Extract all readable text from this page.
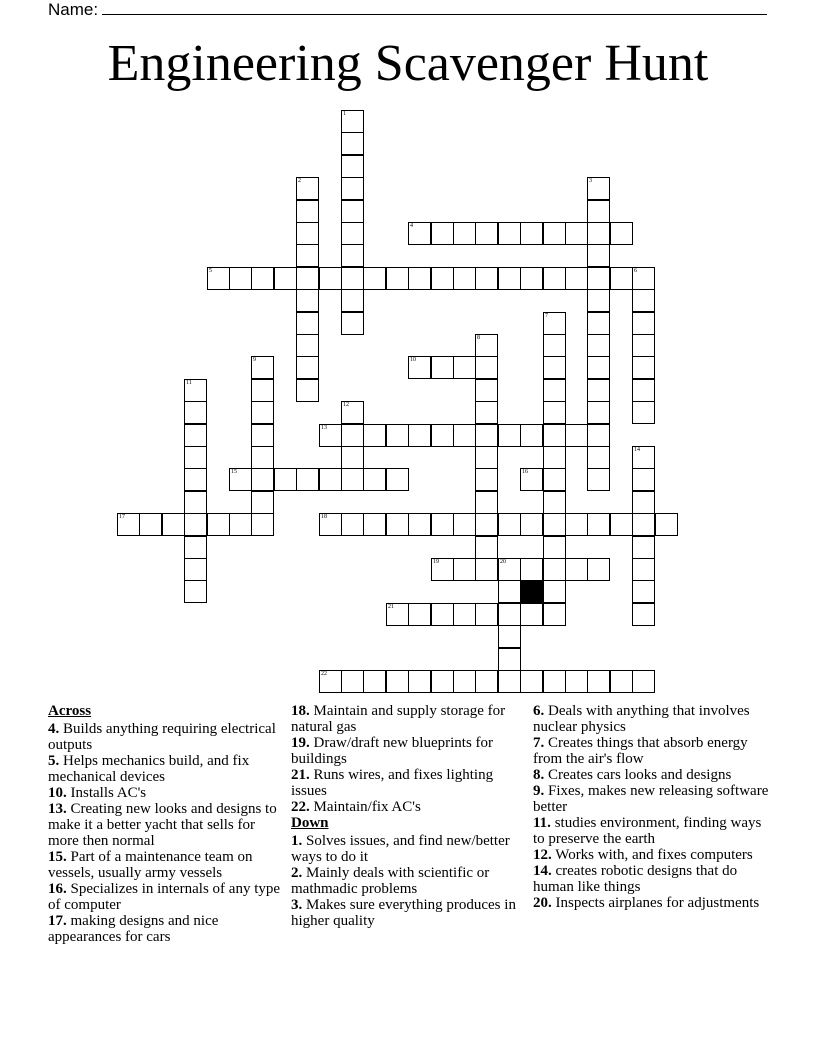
Name:
Engineering Scavenger Hunt
1
2	3
4
5	6
7
8
9	10
11
12
13
14
15	16
17	18
19	20
21
22
Across
4. Builds anything requiring electrical outputs
5. Helps mechanics build, and fix mechanical devices
10. Installs AC's
13. Creating new looks and designs to make it a better yacht that sells for more then normal
15. Part of a maintenance team on vessels, usually army vessels
16. Specializes in internals of any type of computer
17. making designs and nice appearances for cars
18. Maintain and supply storage for natural gas
19. Draw/draft new blueprints for buildings
21. Runs wires, and fixes lighting issues
22. Maintain/fix AC's
Down
1. Solves issues, and find new/better ways to do it
2. Mainly deals with scientific or mathmadic problems
3. Makes sure everything produces in higher quality
6. Deals with anything that involves nuclear physics
7. Creates things that absorb energy from the air's flow
8. Creates cars looks and designs
9. Fixes, makes new releasing software better
11. studies environment, finding ways to preserve the earth
12. Works with, and fixes computers
14. creates robotic designs that do human like things
20. Inspects airplanes for adjustments
